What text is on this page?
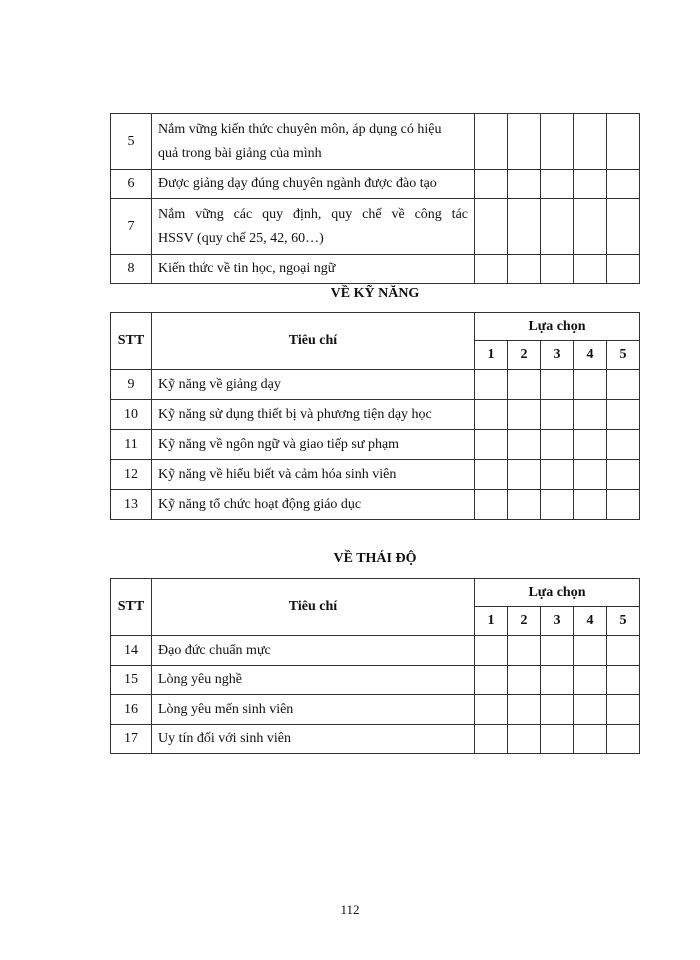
5	Nắm vững kiến thức chuyên môn, áp dụng có hiệu
quả trong bài giảng của mình					
6	Được giảng dạy đúng chuyên ngành được đào tạo					
7	Nắm vững các quy định, quy chế về công tác
HSSV (quy chế 25, 42, 60…)					
8	Kiến thức về tin học, ngoại ngữ					
VỀ KỸ NĂNG
STT	Tiêu chí	Lựa chọn				
		1	2	3	4	5
9	Kỹ năng về giảng dạy					
10	Kỹ năng sử dụng thiết bị và phương tiện dạy học					
11	Kỹ năng về ngôn ngữ và giao tiếp sư phạm					
12	Kỹ năng về hiểu biết và cảm hóa sinh viên					
13	Kỹ năng tổ chức hoạt động giáo dục					
VỀ THÁI ĐỘ
STT	Tiêu chí	Lựa chọn				
		1	2	3	4	5
14	Đạo đức chuẩn mực					
15	Lòng yêu nghề					
16	Lòng yêu mến sinh viên					
17	Uy tín đối với sinh viên					
112
